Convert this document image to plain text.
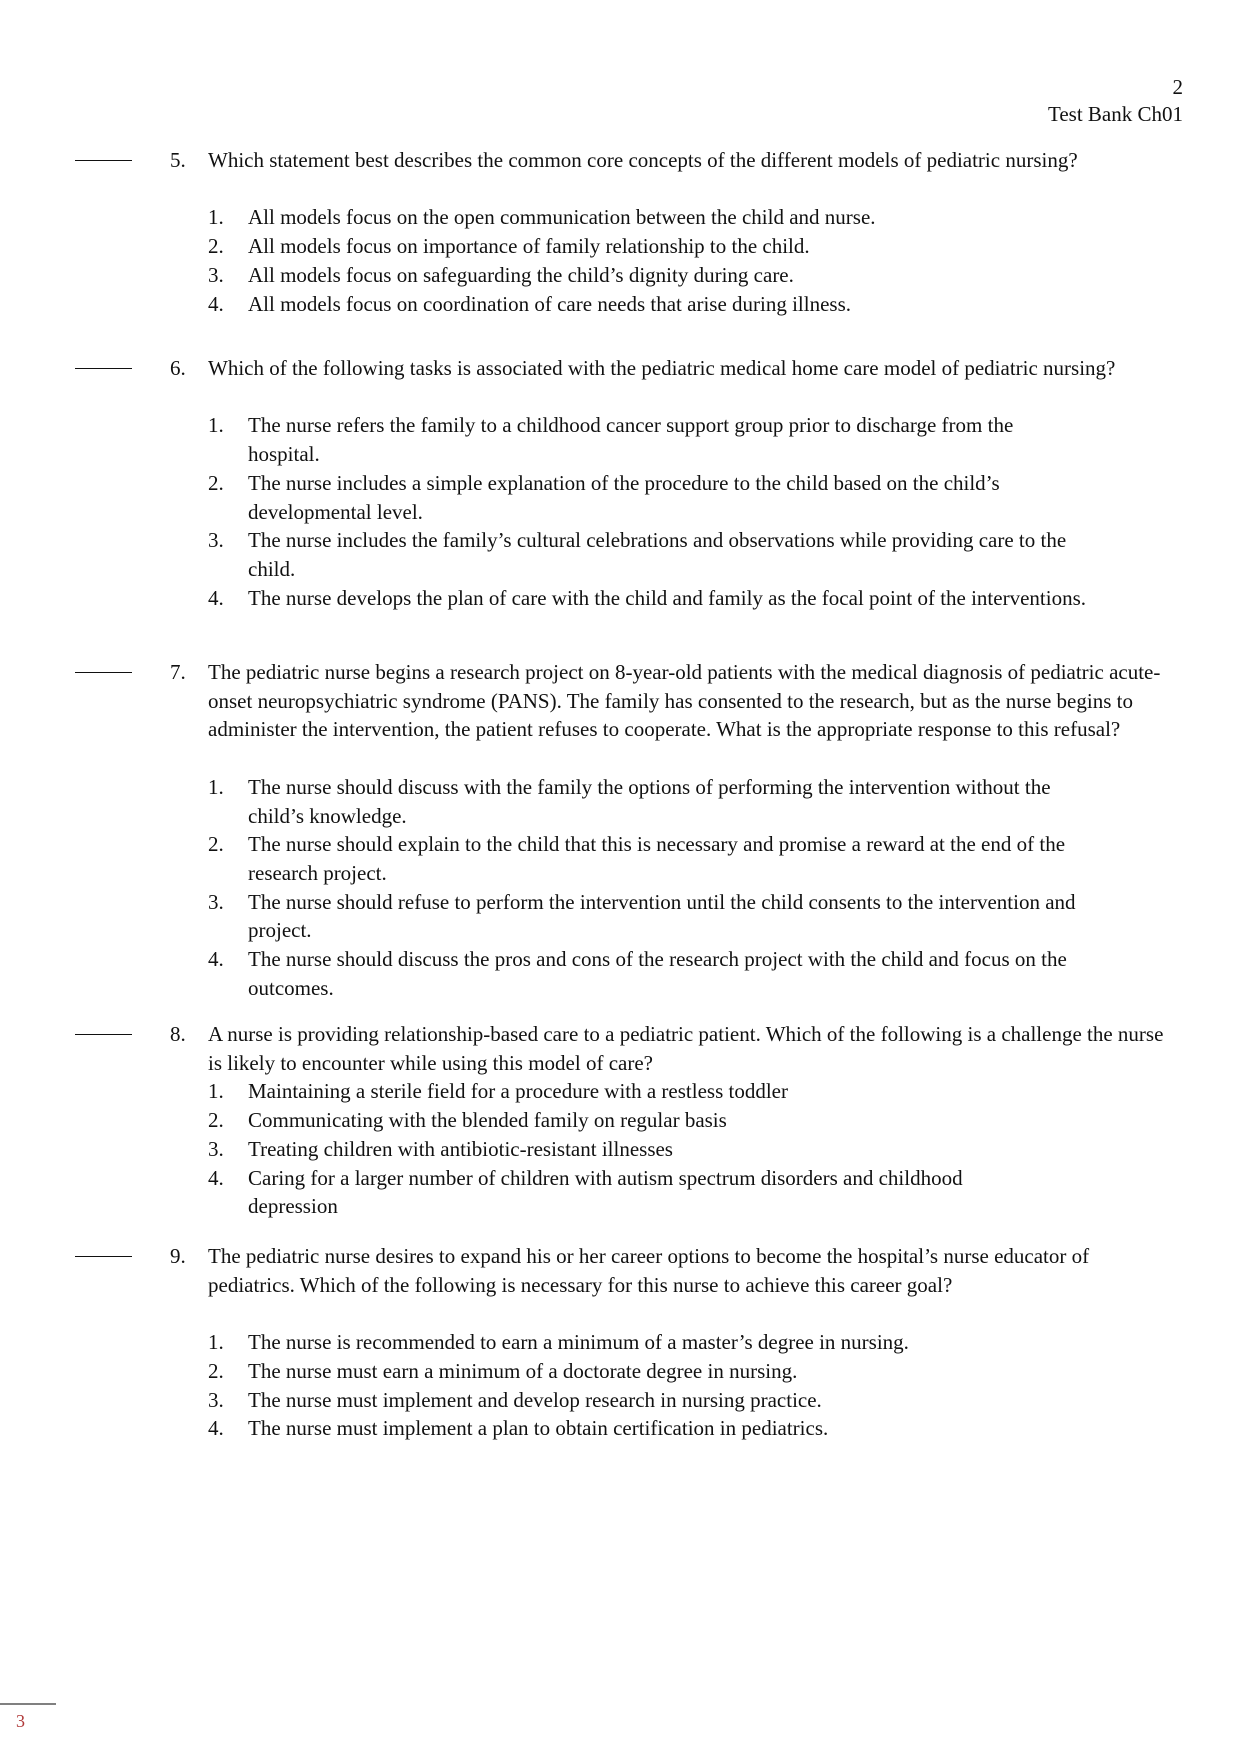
2
Test Bank Ch01
5. Which statement best describes the common core concepts of the different models of pediatric nursing?
1. All models focus on the open communication between the child and nurse.
2. All models focus on importance of family relationship to the child.
3. All models focus on safeguarding the child’s dignity during care.
4. All models focus on coordination of care needs that arise during illness.
6. Which of the following tasks is associated with the pediatric medical home care model of pediatric nursing?
1. The nurse refers the family to a childhood cancer support group prior to discharge from the hospital.
2. The nurse includes a simple explanation of the procedure to the child based on the child’s developmental level.
3. The nurse includes the family’s cultural celebrations and observations while providing care to the child.
4. The nurse develops the plan of care with the child and family as the focal point of the interventions.
7. The pediatric nurse begins a research project on 8-year-old patients with the medical diagnosis of pediatric acute-onset neuropsychiatric syndrome (PANS). The family has consented to the research, but as the nurse begins to administer the intervention, the patient refuses to cooperate. What is the appropriate response to this refusal?
1. The nurse should discuss with the family the options of performing the intervention without the child’s knowledge.
2. The nurse should explain to the child that this is necessary and promise a reward at the end of the research project.
3. The nurse should refuse to perform the intervention until the child consents to the intervention and project.
4. The nurse should discuss the pros and cons of the research project with the child and focus on the outcomes.
8. A nurse is providing relationship-based care to a pediatric patient. Which of the following is a challenge the nurse is likely to encounter while using this model of care?
1. Maintaining a sterile field for a procedure with a restless toddler
2. Communicating with the blended family on regular basis
3. Treating children with antibiotic-resistant illnesses
4. Caring for a larger number of children with autism spectrum disorders and childhood depression
9. The pediatric nurse desires to expand his or her career options to become the hospital’s nurse educator of pediatrics. Which of the following is necessary for this nurse to achieve this career goal?
1. The nurse is recommended to earn a minimum of a master’s degree in nursing.
2. The nurse must earn a minimum of a doctorate degree in nursing.
3. The nurse must implement and develop research in nursing practice.
4. The nurse must implement a plan to obtain certification in pediatrics.
3
